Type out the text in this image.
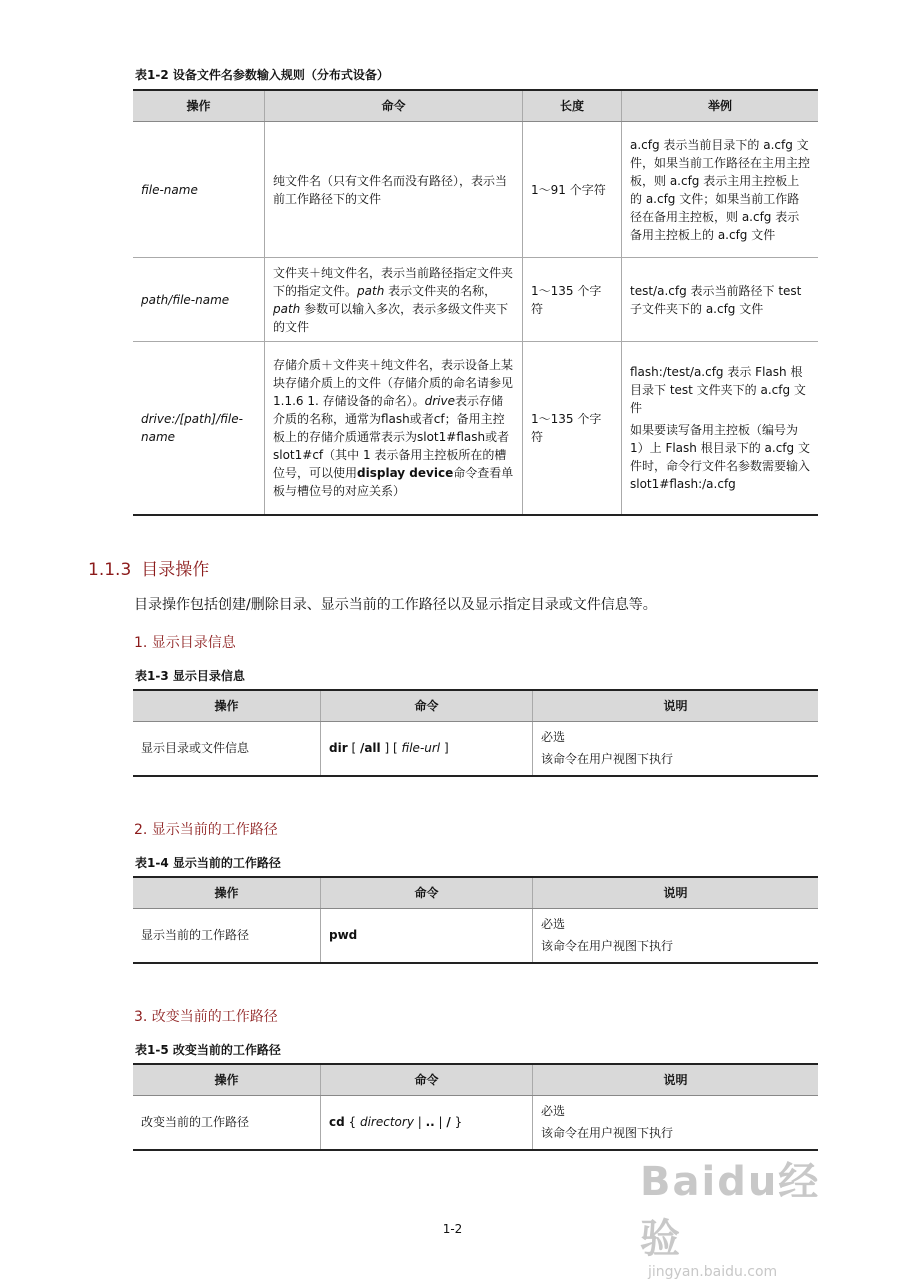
表1-2 设备文件名参数输入规则（分布式设备）
操作	命令	长度	举例
file-name	纯文件名（只有文件名而没有路径），表示当前工作路径下的文件	1～91 个字符	a.cfg 表示当前目录下的 a.cfg 文件，如果当前工作路径在主用主控板，则 a.cfg 表示主用主控板上的 a.cfg 文件；如果当前工作路径在备用主控板，则 a.cfg 表示备用主控板上的 a.cfg 文件
path/file-name	文件夹＋纯文件名，表示当前路径指定文件夹下的指定文件。path 表示文件夹的名称，path 参数可以输入多次，表示多级文件夹下的文件	1～135 个字符	test/a.cfg 表示当前路径下 test 子文件夹下的 a.cfg 文件
drive:/[path]/file-name	存储介质＋文件夹＋纯文件名，表示设备上某块存储介质上的文件（存储介质的命名请参见 1.1.6 1. 存储设备的命名）。drive表示存储介质的名称，通常为flash或者cf；备用主控板上的存储介质通常表示为slot1#flash或者slot1#cf（其中 1 表示备用主控板所在的槽位号，可以使用display device命令查看单板与槽位号的对应关系）	1～135 个字符	flash:/test/a.cfg 表示 Flash 根目录下 test 文件夹下的 a.cfg 文件
如果要读写备用主控板（编号为 1）上 Flash 根目录下的 a.cfg 文件时，命令行文件名参数需要输入 slot1#flash:/a.cfg
1.1.3 目录操作
目录操作包括创建/删除目录、显示当前的工作路径以及显示指定目录或文件信息等。
1. 显示目录信息
表1-3 显示目录信息
操作	命令	说明
显示目录或文件信息	dir [ /all ] [ file-url ]	必选
该命令在用户视图下执行
2. 显示当前的工作路径
表1-4 显示当前的工作路径
操作	命令	说明
显示当前的工作路径	pwd	必选
该命令在用户视图下执行
3. 改变当前的工作路径
表1-5 改变当前的工作路径
操作	命令	说明
改变当前的工作路径	cd { directory | .. | / }	必选
该命令在用户视图下执行
Baidu经验
jingyan.baidu.com
1-2
